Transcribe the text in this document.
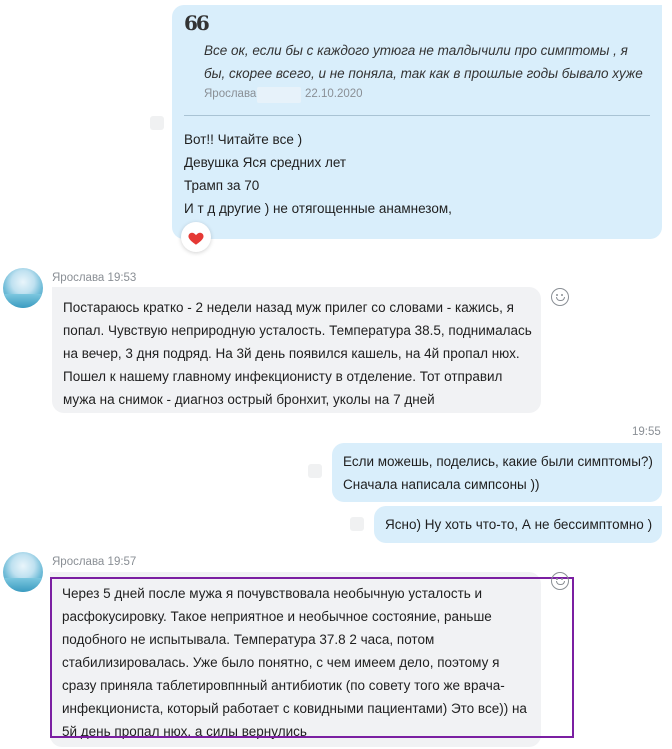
66

Все ок, если бы с каждого утюга не талдычили про симптомы , я бы, скорее всего, и не поняла, так как в прошлые годы бывало хуже

Ярослава	22.10.2020

Вот!! Читайте все )

Девушка Яся средних лет

Трамп за 70

И т д другие ) не отягощенные анамнезом,

Ярослава 19:53

Постараюсь кратко - 2 недели назад муж прилег со словами - кажись, я попал. Чувствую неприродную усталость. Температура 38.5, поднималась на вечер, 3 дня подряд. На 3й день появился кашель, на 4й пропал нюх. Пошел к нашему главному инфекционисту в отделение. Тот отправил мужа на снимок - диагноз острый бронхит, уколы на 7 дней

19:55

Если можешь, поделись, какие были симптомы?) Сначала написала симпсоны ))

Ясно) Ну хоть что-то, А не бессимптомно )

Ярослава 19:57

Через 5 дней после мужа я почувствовала необычную усталость и расфокусировку. Такое неприятное и необычное состояние, раньше подобного не испытывала. Температура 37.8 2 часа, потом стабилизировалась. Уже было понятно, с чем имеем дело, поэтому я сразу приняла таблетировпнный антибиотик (по совету того же врача-инфекциониста, который работает с ковидными пациентами) Это все)) на 5й день пропал нюх, а силы вернулись
